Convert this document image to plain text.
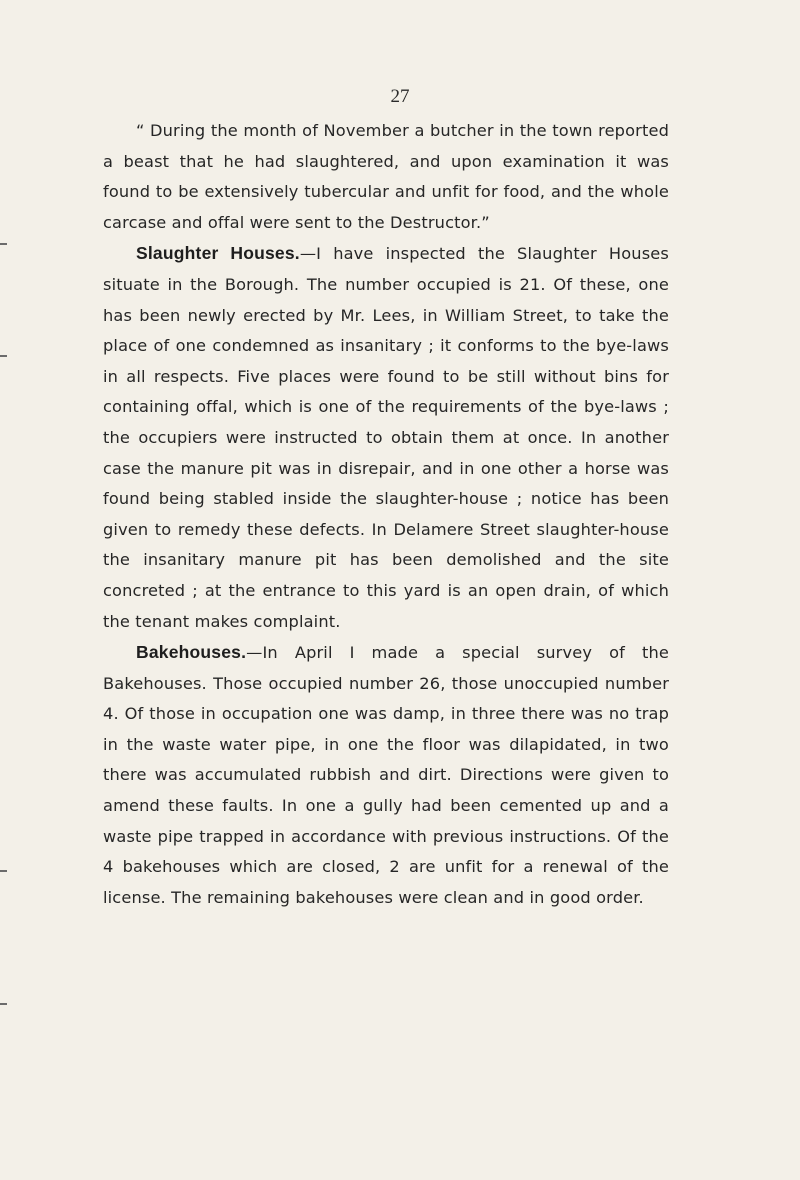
27

“ During the month of November a butcher in the town reported a beast that he had slaughtered, and upon examination it was found to be extensively tubercular and unfit for food, and the whole carcase and offal were sent to the Destructor.”

Slaughter Houses.—I have inspected the Slaughter Houses situate in the Borough. The number occupied is 21. Of these, one has been newly erected by Mr. Lees, in William Street, to take the place of one condemned as insanitary ; it conforms to the bye-laws in all respects. Five places were found to be still without bins for containing offal, which is one of the requirements of the bye-laws ; the occupiers were instructed to obtain them at once. In another case the manure pit was in disrepair, and in one other a horse was found being stabled inside the slaughter-house ; notice has been given to remedy these defects. In Delamere Street slaughter-house the insanitary manure pit has been demolished and the site concreted ; at the entrance to this yard is an open drain, of which the tenant makes complaint.

Bakehouses.—In April I made a special survey of the Bakehouses. Those occupied number 26, those unoccupied number 4. Of those in occupation one was damp, in three there was no trap in the waste water pipe, in one the floor was dilapidated, in two there was accumulated rubbish and dirt. Directions were given to amend these faults. In one a gully had been cemented up and a waste pipe trapped in accordance with previous instructions. Of the 4 bakehouses which are closed, 2 are unfit for a renewal of the license. The remaining bakehouses were clean and in good order.
